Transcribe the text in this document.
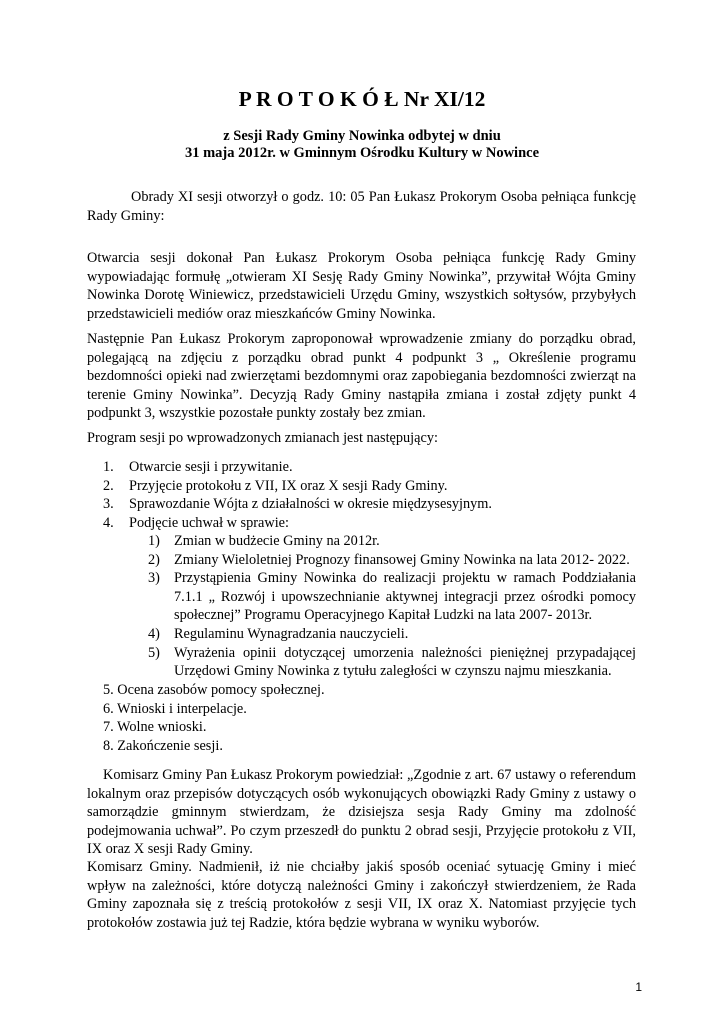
P R O T O K Ó Ł Nr XI/12
z Sesji Rady Gminy Nowinka odbytej w dniu
31 maja 2012r. w Gminnym Ośrodku Kultury w Nowince

Obrady XI sesji otworzył o godz. 10: 05 Pan Łukasz Prokorym Osoba pełniąca funkcję Rady Gminy:

Otwarcia sesji dokonał Pan Łukasz Prokorym Osoba pełniąca funkcję Rady Gminy wypowiadając formułę „otwieram XI Sesję Rady Gminy Nowinka”, przywitał Wójta Gminy Nowinka Dorotę Winiewicz, przedstawicieli Urzędu Gminy, wszystkich sołtysów, przybyłych przedstawicieli mediów oraz mieszkańców Gminy Nowinka.

Następnie Pan Łukasz Prokorym zaproponował wprowadzenie zmiany do porządku obrad, polegającą na zdjęciu z porządku obrad punkt 4 podpunkt 3 „ Określenie programu bezdomności opieki nad zwierzętami bezdomnymi oraz zapobiegania bezdomności zwierząt na terenie Gminy Nowinka”. Decyzją Rady Gminy nastąpiła zmiana i został zdjęty punkt 4 podpunkt 3, wszystkie pozostałe punkty zostały bez zmian.

Program sesji po wprowadzonych zmianach jest następujący:

1.	Otwarcie sesji i przywitanie.
2.	Przyjęcie protokołu z VII, IX oraz X sesji Rady Gminy.
3.	Sprawozdanie Wójta z działalności w okresie międzysesyjnym.
4.	Podjęcie uchwał w sprawie:
1) Zmian w budżecie Gminy na 2012r.
2) Zmiany Wieloletniej Prognozy finansowej Gminy Nowinka na lata 2012- 2022.
3) Przystąpienia Gminy Nowinka do realizacji projektu w ramach Poddziałania 7.1.1 „ Rozwój i upowszechnianie aktywnej integracji przez ośrodki pomocy społecznej” Programu Operacyjnego Kapitał Ludzki na lata 2007- 2013r.
4) Regulaminu Wynagradzania nauczycieli.
5) Wyrażenia opinii dotyczącej umorzenia należności pieniężnej przypadającej Urzędowi Gminy Nowinka z tytułu zaległości w czynszu najmu mieszkania.
5. Ocena zasobów pomocy społecznej.
6. Wnioski i interpelacje.
7. Wolne wnioski.
8. Zakończenie sesji.

Komisarz Gminy Pan Łukasz Prokorym powiedział: „Zgodnie z art. 67 ustawy o referendum lokalnym oraz przepisów dotyczących osób wykonujących obowiązki Rady Gminy z ustawy o samorządzie gminnym stwierdzam, że dzisiejsza sesja Rady Gminy ma zdolność podejmowania uchwał”. Po czym przeszedł do punktu 2 obrad sesji, Przyjęcie protokołu z VII, IX oraz X sesji Rady Gminy.

Komisarz Gminy. Nadmienił, iż nie chciałby jakiś sposób oceniać sytuację Gminy i mieć wpływ na zależności, które dotyczą należności Gminy i zakończył stwierdzeniem, że Rada Gminy zapoznała się z treścią protokołów z sesji VII, IX oraz X. Natomiast przyjęcie tych protokołów zostawia już tej Radzie, która będzie wybrana w wyniku wyborów.

1
